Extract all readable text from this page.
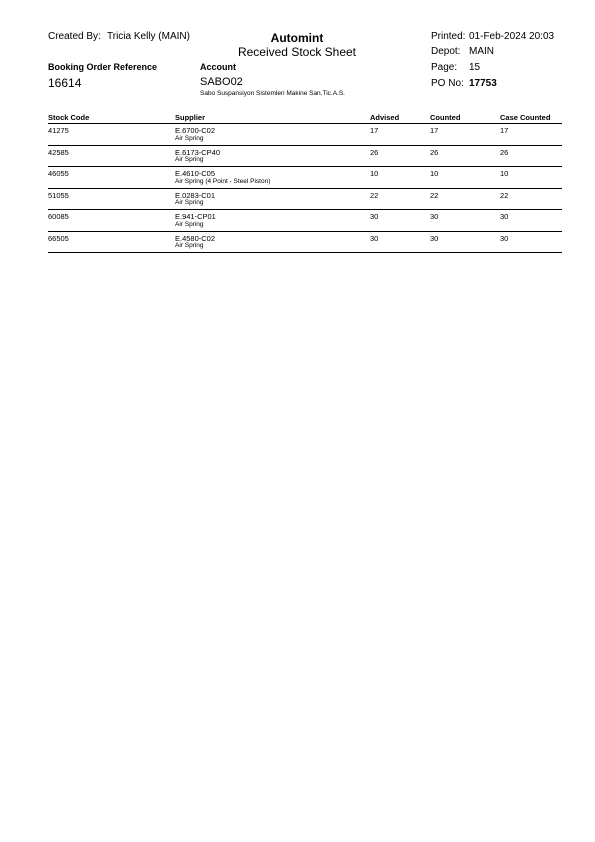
Created By: Tricia Kelly (MAIN)	Automint
Received Stock Sheet
Printed: 01-Feb-2024 20:03
Depot: MAIN
Page: 15
PO No: 17753
Booking Order Reference
16614
Account
SABO02
Sabo Suspansiyon Sistemleri Makine San.Tic.A.S.
Stock Code	Supplier	Advised	Counted	Case Counted
41275	E.6700-C02
Air Spring
17	17	17
42585	E.6173-CP40
Air Spring
26	26	26
46055	E.4610-C05
Air Spring (4 Point - Steel Piston)
10	10	10
51055	E.0283-C01
Air Spring
22	22	22
60085	E.941-CP01
Air Spring
30	30	30
66505	E.4580-C02
Air Spring
30	30	30
